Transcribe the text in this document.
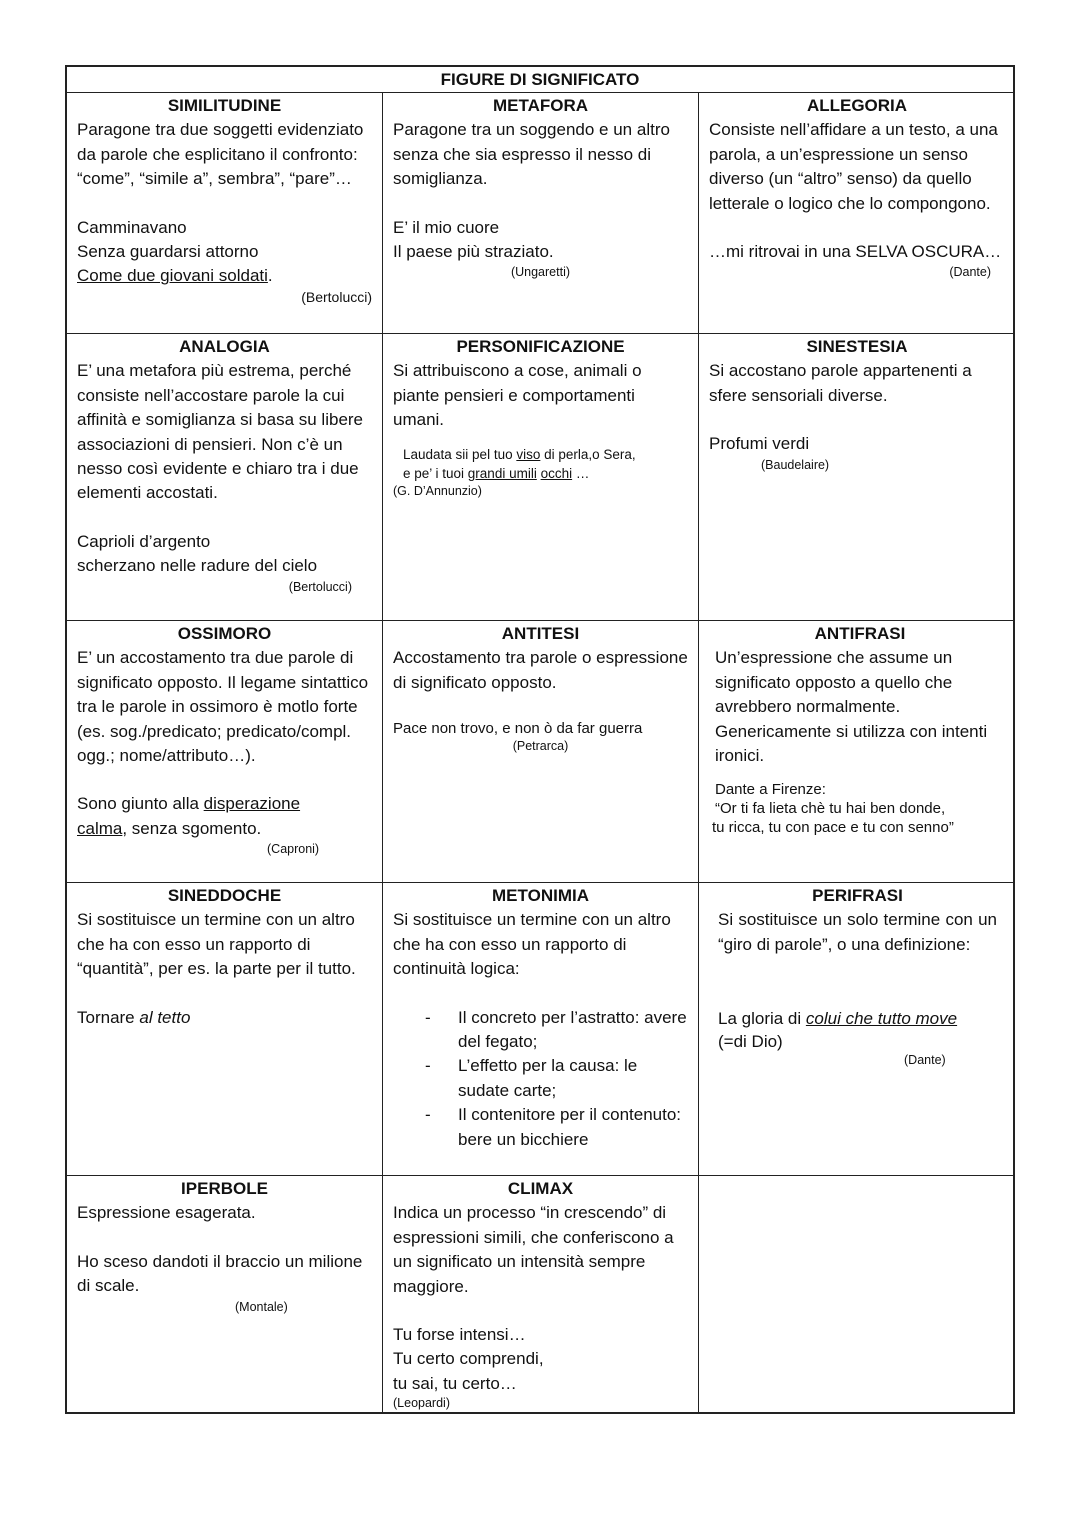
FIGURE DI SIGNIFICATO
SIMILITUDINE
Paragone tra due soggetti evidenziato da parole che esplicitano il confronto: “come”, “simile a”, sembra”, “pare”…
Camminavano
Senza guardarsi attorno
Come due giovani soldati.
(Bertolucci)
METAFORA
Paragone tra un soggendo e un altro senza che sia espresso il nesso di somiglianza.
E’ il mio cuore
Il paese più straziato.
(Ungaretti)
ALLEGORIA
Consiste nell’affidare a un testo, a una parola, a un’espressione un senso diverso (un “altro” senso) da quello letterale o logico che lo compongono.
…mi ritrovai in una SELVA OSCURA…
(Dante)
ANALOGIA
E’ una metafora più estrema, perché consiste nell’accostare parole la cui affinità e somiglianza si basa su libere associazioni di pensieri. Non c’è un nesso così evidente e chiaro tra i due elementi accostati.
Caprioli d’argento
scherzano nelle radure del cielo
(Bertolucci)
PERSONIFICAZIONE
Si attribuiscono a cose, animali o piante pensieri e comportamenti umani.
Laudata sii pel tuo viso di perla,o Sera,
e pe’ i tuoi grandi umili occhi …
(G. D’Annunzio)
SINESTESIA
Si accostano parole appartenenti a sfere sensoriali diverse.
Profumi verdi
(Baudelaire)
OSSIMORO
E’ un accostamento tra due parole di significato opposto. Il legame sintattico tra le parole in ossimoro è motlo forte (es. sog./predicato; predicato/compl. ogg.; nome/attributo…).
Sono giunto alla disperazione
calma, senza sgomento.
(Caproni)
ANTITESI
Accostamento tra parole o espressione di significato opposto.
Pace non trovo, e non ò da far guerra
(Petrarca)
ANTIFRASI
Un’espressione che assume un significato opposto a quello che avrebbero normalmente. Genericamente si utilizza con intenti ironici.
Dante a Firenze:
“Or ti fa lieta chè tu hai ben donde,
tu ricca, tu con pace e tu con senno”
SINEDDOCHE
Si sostituisce un termine con un altro che ha con esso un rapporto di “quantità”, per es. la parte per il tutto.
Tornare al tetto
METONIMIA
Si sostituisce un termine con un altro che ha con esso un rapporto di continuità logica:
- Il concreto per l’astratto: avere del fegato;
- L’effetto per la causa: le sudate carte;
- Il contenitore per il contenuto: bere un bicchiere
PERIFRASI
Si sostituisce un solo termine con un “giro di parole”, o una definizione:
La gloria di colui che tutto move
(=di Dio)
(Dante)
IPERBOLE
Espressione esagerata.
Ho sceso dandoti il braccio un milione di scale.
(Montale)
CLIMAX
Indica un processo “in crescendo” di espressioni simili, che conferiscono a un significato un intensità sempre maggiore.
Tu forse intensi…
Tu certo comprendi,
tu sai, tu certo…
(Leopardi)
